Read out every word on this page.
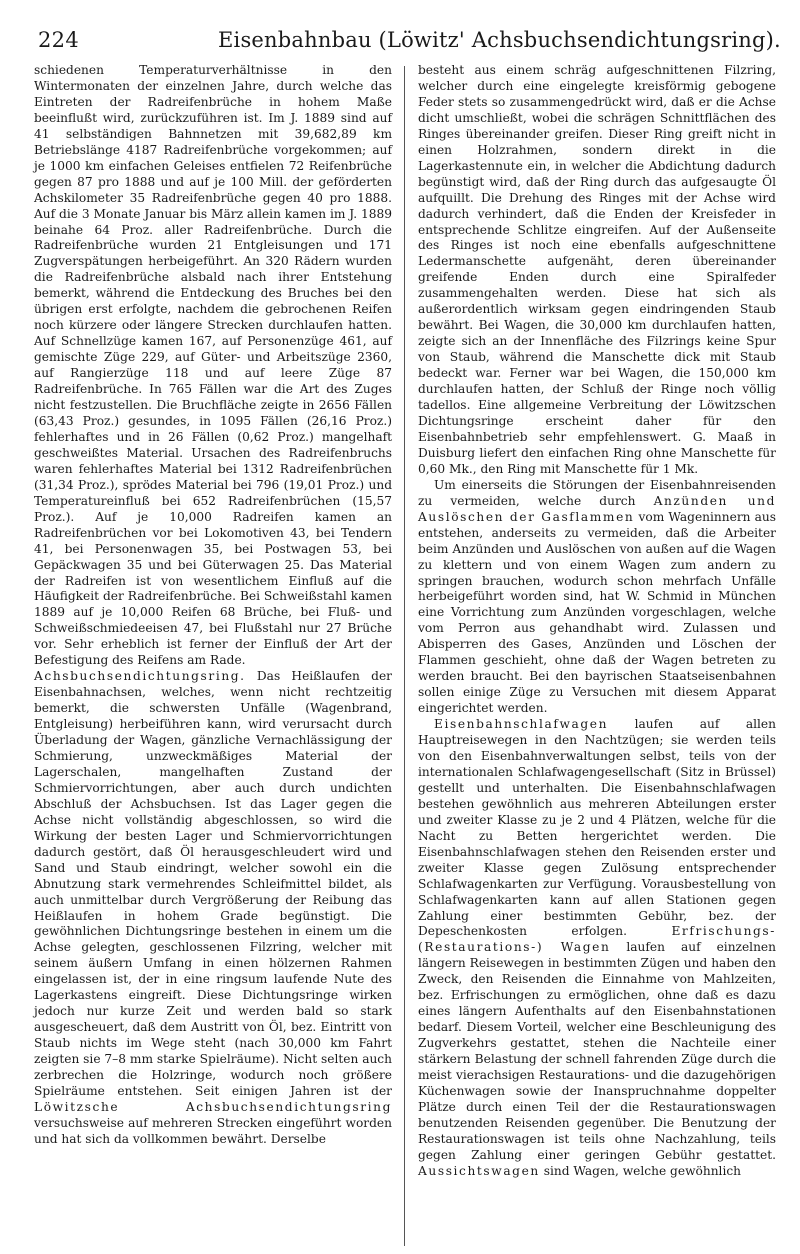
224	Eisenbahnbau (Löwitz' Achsbuchsendichtungsring).

schiedenen Temperaturverhältnisse in den Wintermonaten der einzelnen Jahre, durch welche das Eintreten der Radreifenbrüche in hohem Maße beeinflußt wird, zurückzuführen ist. Im J. 1889 sind auf 41 selbständigen Bahnnetzen mit 39,682,89 km Betriebslänge 4187 Radreifenbrüche vorgekommen; auf je 1000 km einfachen Geleises entfielen 72 Reifenbrüche gegen 87 pro 1888 und auf je 100 Mill. der geförderten Achskilometer 35 Radreifenbrüche gegen 40 pro 1888. Auf die 3 Monate Januar bis März allein kamen im J. 1889 beinahe 64 Proz. aller Radreifenbrüche. Durch die Radreifenbrüche wurden 21 Entgleisungen und 171 Zugverspätungen herbeigeführt. An 320 Rädern wurden die Radreifenbrüche alsbald nach ihrer Entstehung bemerkt, während die Entdeckung des Bruches bei den übrigen erst erfolgte, nachdem die gebrochenen Reifen noch kürzere oder längere Strecken durchlaufen hatten. Auf Schnellzüge kamen 167, auf Personenzüge 461, auf gemischte Züge 229, auf Güter- und Arbeitszüge 2360, auf Rangierzüge 118 und auf leere Züge 87 Radreifenbrüche. In 765 Fällen war die Art des Zuges nicht festzustellen. Die Bruchfläche zeigte in 2656 Fällen (63,43 Proz.) gesundes, in 1095 Fällen (26,16 Proz.) fehlerhaftes und in 26 Fällen (0,62 Proz.) mangelhaft geschweißtes Material. Ursachen des Radreifenbruchs waren fehlerhaftes Material bei 1312 Radreifenbrüchen (31,34 Proz.), sprödes Material bei 796 (19,01 Proz.) und Temperatureinfluß bei 652 Radreifenbrüchen (15,57 Proz.). Auf je 10,000 Radreifen kamen an Radreifenbrüchen vor bei Lokomotiven 43, bei Tendern 41, bei Personenwagen 35, bei Postwagen 53, bei Gepäckwagen 35 und bei Güterwagen 25. Das Material der Radreifen ist von wesentlichem Einfluß auf die Häufigkeit der Radreifenbrüche. Bei Schweißstahl kamen 1889 auf je 10,000 Reifen 68 Brüche, bei Fluß- und Schweißschmiedeeisen 47, bei Flußstahl nur 27 Brüche vor. Sehr erheblich ist ferner der Einfluß der Art der Befestigung des Reifens am Rade.

Achsbuchsendichtungsring. Das Heißlaufen der Eisenbahnachsen, welches, wenn nicht rechtzeitig bemerkt, die schwersten Unfälle (Wagenbrand, Entgleisung) herbeiführen kann, wird verursacht durch Überladung der Wagen, gänzliche Vernachlässigung der Schmierung, unzweckmäßiges Material der Lagerschalen, mangelhaften Zustand der Schmiervorrichtungen, aber auch durch undichten Abschluß der Achsbuchsen. Ist das Lager gegen die Achse nicht vollständig abgeschlossen, so wird die Wirkung der besten Lager und Schmiervorrichtungen dadurch gestört, daß Öl herausgeschleudert wird und Sand und Staub eindringt, welcher sowohl ein die Abnutzung stark vermehrendes Schleifmittel bildet, als auch unmittelbar durch Vergrößerung der Reibung das Heißlaufen in hohem Grade begünstigt. Die gewöhnlichen Dichtungsringe bestehen in einem um die Achse gelegten, geschlossenen Filzring, welcher mit seinem äußern Umfang in einen hölzernen Rahmen eingelassen ist, der in eine ringsum laufende Nute des Lagerkastens eingreift. Diese Dichtungsringe wirken jedoch nur kurze Zeit und werden bald so stark ausgescheuert, daß dem Austritt von Öl, bez. Eintritt von Staub nichts im Wege steht (nach 30,000 km Fahrt zeigten sie 7–8 mm starke Spielräume). Nicht selten auch zerbrechen die Holzringe, wodurch noch größere Spielräume entstehen. Seit einigen Jahren ist der Löwitzsche Achsbuchsendichtungsring versuchsweise auf mehreren Strecken eingeführt worden und hat sich da vollkommen bewährt. Derselbe

besteht aus einem schräg aufgeschnittenen Filzring, welcher durch eine eingelegte kreisförmig gebogene Feder stets so zusammengedrückt wird, daß er die Achse dicht umschließt, wobei die schrägen Schnittflächen des Ringes übereinander greifen. Dieser Ring greift nicht in einen Holzrahmen, sondern direkt in die Lagerkastennute ein, in welcher die Abdichtung dadurch begünstigt wird, daß der Ring durch das aufgesaugte Öl aufquillt. Die Drehung des Ringes mit der Achse wird dadurch verhindert, daß die Enden der Kreisfeder in entsprechende Schlitze eingreifen. Auf der Außenseite des Ringes ist noch eine ebenfalls aufgeschnittene Ledermanschette aufgenäht, deren übereinander greifende Enden durch eine Spiralfeder zusammengehalten werden. Diese hat sich als außerordentlich wirksam gegen eindringenden Staub bewährt. Bei Wagen, die 30,000 km durchlaufen hatten, zeigte sich an der Innenfläche des Filzrings keine Spur von Staub, während die Manschette dick mit Staub bedeckt war. Ferner war bei Wagen, die 150,000 km durchlaufen hatten, der Schluß der Ringe noch völlig tadellos. Eine allgemeine Verbreitung der Löwitzschen Dichtungsringe erscheint daher für den Eisenbahnbetrieb sehr empfehlenswert. G. Maaß in Duisburg liefert den einfachen Ring ohne Manschette für 0,60 Mk., den Ring mit Manschette für 1 Mk.

Um einerseits die Störungen der Eisenbahnreisenden zu vermeiden, welche durch Anzünden und Auslöschen der Gasflammen vom Wageninnern aus entstehen, anderseits zu vermeiden, daß die Arbeiter beim Anzünden und Auslöschen von außen auf die Wagen zu klettern und von einem Wagen zum andern zu springen brauchen, wodurch schon mehrfach Unfälle herbeigeführt worden sind, hat W. Schmid in München eine Vorrichtung zum Anzünden vorgeschlagen, welche vom Perron aus gehandhabt wird. Zulassen und Abisperren des Gases, Anzünden und Löschen der Flammen geschieht, ohne daß der Wagen betreten zu werden braucht. Bei den bayrischen Staatseisenbahnen sollen einige Züge zu Versuchen mit diesem Apparat eingerichtet werden.

Eisenbahnschlafwagen laufen auf allen Hauptreisewegen in den Nachtzügen; sie werden teils von den Eisenbahnverwaltungen selbst, teils von der internationalen Schlafwagengesellschaft (Sitz in Brüssel) gestellt und unterhalten. Die Eisenbahnschlafwagen bestehen gewöhnlich aus mehreren Abteilungen erster und zweiter Klasse zu je 2 und 4 Plätzen, welche für die Nacht zu Betten hergerichtet werden. Die Eisenbahnschlafwagen stehen den Reisenden erster und zweiter Klasse gegen Zulösung entsprechender Schlafwagenkarten zur Verfügung. Vorausbestellung von Schlafwagenkarten kann auf allen Stationen gegen Zahlung einer bestimmten Gebühr, bez. der Depeschenkosten erfolgen. Erfrischungs- (Restaurations-) Wagen laufen auf einzelnen längern Reisewegen in bestimmten Zügen und haben den Zweck, den Reisenden die Einnahme von Mahlzeiten, bez. Erfrischungen zu ermöglichen, ohne daß es dazu eines längern Aufenthalts auf den Eisenbahnstationen bedarf. Diesem Vorteil, welcher eine Beschleunigung des Zugverkehrs gestattet, stehen die Nachteile einer stärkern Belastung der schnell fahrenden Züge durch die meist vierachsigen Restaurations- und die dazugehörigen Küchenwagen sowie der Inanspruchnahme doppelter Plätze durch einen Teil der die Restaurationswagen benutzenden Reisenden gegenüber. Die Benutzung der Restaurationswagen ist teils ohne Nachzahlung, teils gegen Zahlung einer geringen Gebühr gestattet. Aussichtswagen sind Wagen, welche gewöhnlich
